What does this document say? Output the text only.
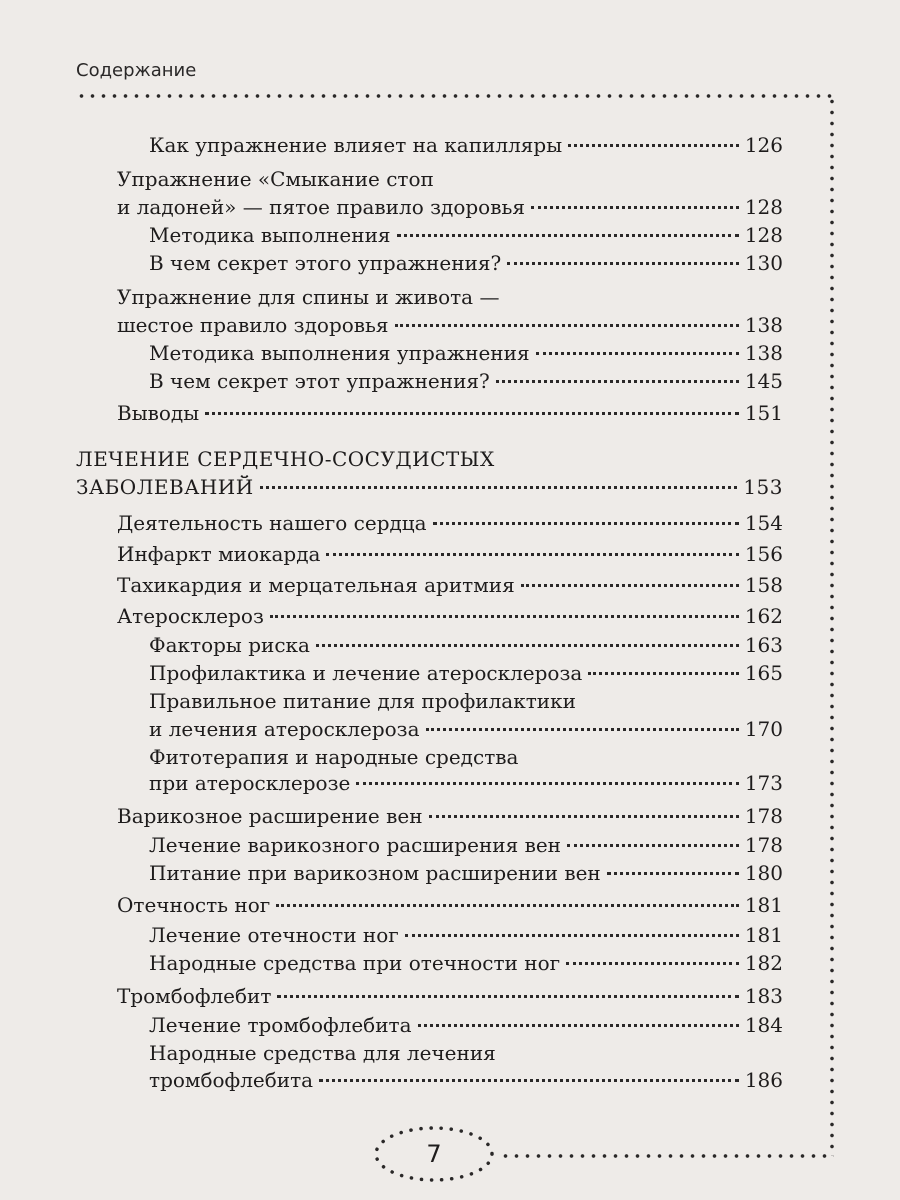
Содержание
Как упражнение влияет на капилляры	126
Упражнение «Смыкание стоп
и ладоней» — пятое правило здоровья	128
Методика выполнения	128
В чем секрет этого упражнения?	130
Упражнение для спины и живота —
шестое правило здоровья	138
Методика выполнения упражнения	138
В чем секрет этот упражнения?	145
Выводы	151
ЛЕЧЕНИЕ СЕРДЕЧНО-СОСУДИСТЫХ
ЗАБОЛЕВАНИЙ	153
Деятельность нашего сердца	154
Инфаркт миокарда	156
Тахикардия и мерцательная аритмия	158
Атеросклероз	162
Факторы риска	163
Профилактика и лечение атеросклероза	165
Правильное питание для профилактики
и лечения атеросклероза	170
Фитотерапия и народные средства
при атеросклерозе	173
Варикозное расширение вен	178
Лечение варикозного расширения вен	178
Питание при варикозном расширении вен	180
Отечность ног	181
Лечение отечности ног	181
Народные средства при отечности ног	182
Тромбофлебит	183
Лечение тромбофлебита	184
Народные средства для лечения
тромбофлебита	186
7
